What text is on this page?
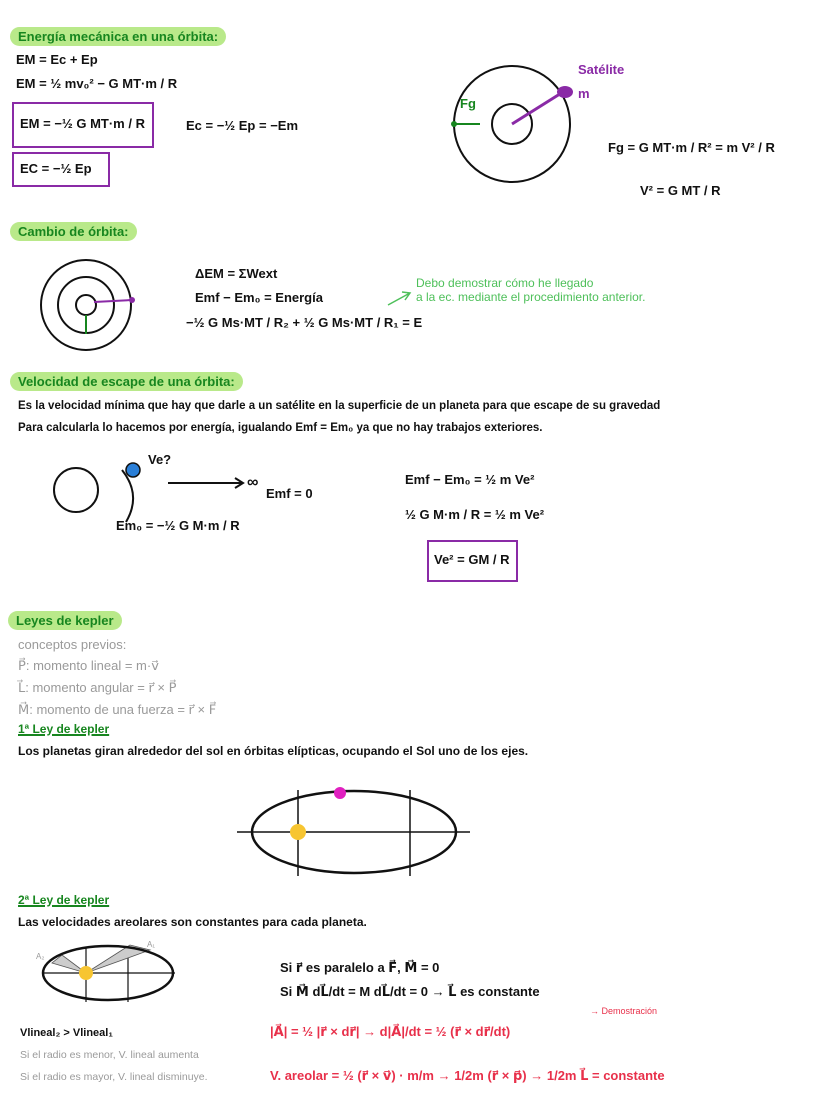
Energía mecánica en una órbita:
EM = Ec + Ep
EM = ½ mv₀² − G MT·m / R
EM = −½ G MT·m / R	Ec = −½ Ep = −Em
EC = −½ Ep
Satélite
m
Fg
Fg = G MT·m / R² = m V² / R
V² = G MT / R
Cambio de órbita:
ΔEM = ΣWext
Emf − Em₀ = Energía
−½ G Ms·MT / R₂ + ½ G Ms·MT / R₁ = E
Debo demostrar cómo he llegado
a la ec. mediante el procedimiento anterior.
Velocidad de escape de una órbita:
Es la velocidad mínima que hay que darle a un satélite en la superficie de un planeta para que escape de su gravedad
Para calcularla lo hacemos por energía, igualando Emf = Em₀ ya que no hay trabajos exteriores.
Ve?
∞
Emf = 0
Em₀ = −½ G M·m / R
Emf − Em₀ = ½ m Ve²
½ G M·m / R = ½ m Ve²
Ve² = GM / R
Leyes de kepler
conceptos previos:
P⃗: momento lineal = m·v⃗
L⃗: momento angular = r⃗ × P⃗
M⃗: momento de una fuerza = r⃗ × F⃗
1ª Ley de kepler
Los planetas giran alrededor del sol en órbitas elípticas, ocupando el Sol uno de los ejes.
2ª Ley de kepler
Las velocidades areolares son constantes para cada planeta.
A₂
A₁
Si r⃗ es paralelo a F⃗, M⃗ = 0
Si M⃗ dL⃗/dt = M dL⃗/dt = 0 → L⃗ es constante
|A⃗| = ½ |r⃗ × dr⃗| → d|A⃗|/dt = ½ (r⃗ × dr⃗/dt)
→ Demostración
V. areolar = ½ (r⃗ × v⃗) · m/m → 1/2m (r⃗ × p⃗) → 1/2m L⃗ = constante
Vlineal₂ > Vlineal₁
Si el radio es menor, V. lineal aumenta
Si el radio es mayor, V. lineal disminuye.
